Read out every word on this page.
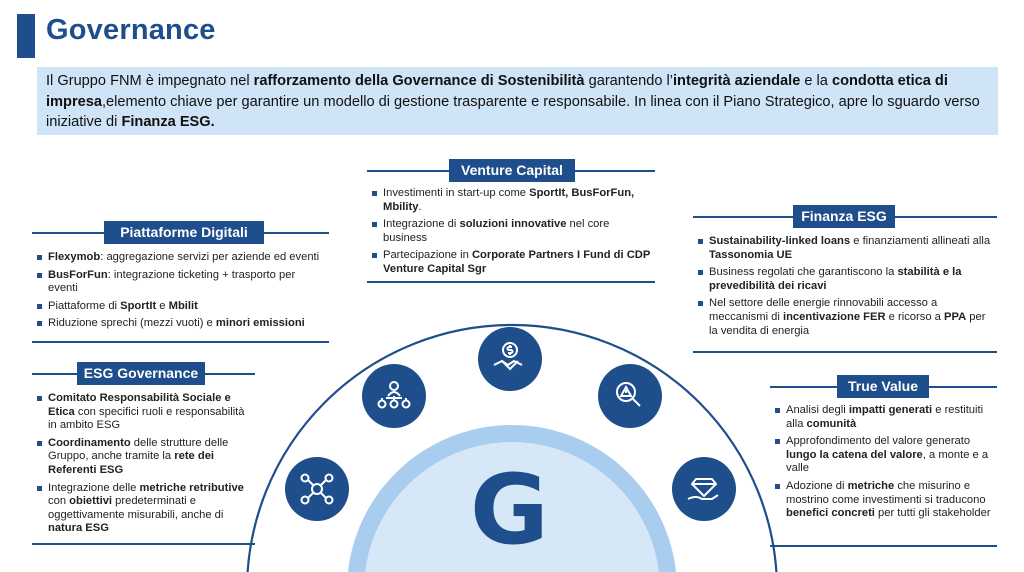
Governance
Il Gruppo FNM è impegnato nel rafforzamento della Governance di Sostenibilità garantendo l’integrità aziendale e la condotta etica di impresa,elemento chiave per garantire un modello di gestione trasparente e responsabile. In linea con il Piano Strategico, apre lo sguardo verso iniziative di Finanza ESG.
G
Piattaforme Digitali
Flexymob: aggregazione servizi per aziende ed eventi
BusForFun: integrazione ticketing + trasporto per eventi
Piattaforme di SportIt e Mbilit
Riduzione sprechi (mezzi vuoti) e minori emissioni
ESG Governance
Comitato Responsabilità Sociale e Etica con specifici ruoli e responsabilità in ambito ESG
Coordinamento delle strutture delle Gruppo, anche tramite la rete dei Referenti ESG
Integrazione delle metriche retributive con obiettivi predeterminati e oggettivamente misurabili, anche di natura ESG
Venture Capital
Investimenti in start-up come SportIt, BusForFun, Mbility.
Integrazione di soluzioni innovative nel core business
Partecipazione in Corporate Partners I Fund di CDP Venture Capital Sgr
Finanza ESG
Sustainability-linked loans e finanziamenti allineati alla Tassonomia UE
Business regolati che garantiscono la stabilità e la prevedibilità dei ricavi
Nel settore delle energie rinnovabili accesso a meccanismi di incentivazione FER e ricorso a PPA per la vendita di energia
True Value
Analisi degli impatti generati e restituiti alla comunità
Approfondimento del valore generato lungo la catena del valore, a monte e a valle
Adozione di metriche che misurino e mostrino come investimenti si traducono benefici concreti per tutti gli stakeholder
